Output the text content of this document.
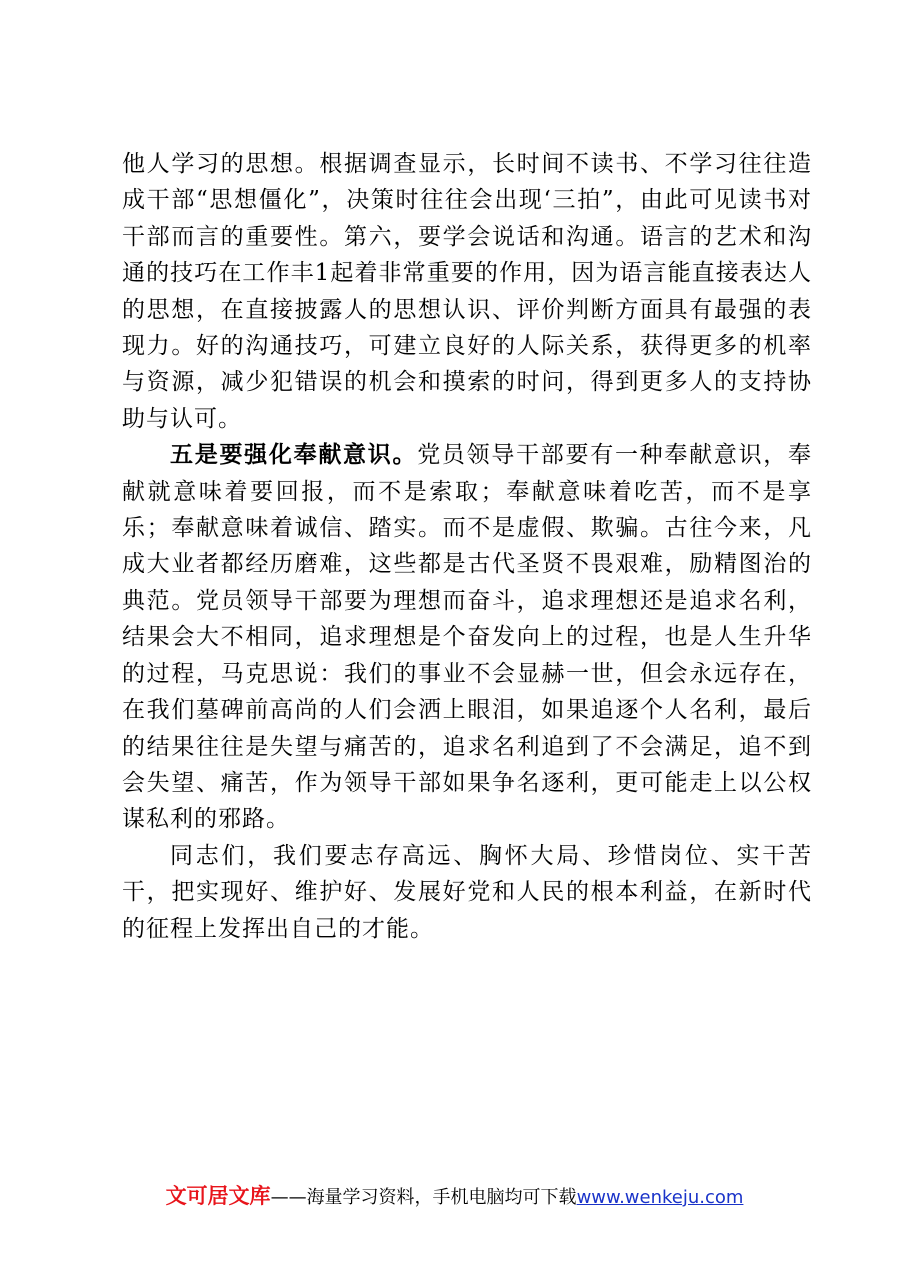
他人学习的思想。根据调查显示，长时间不读书、不学习往往造成干部“思想僵化”，决策时往往会出现‘三拍”，由此可见读书对干部而言的重要性。第六，要学会说话和沟通。语言的艺术和沟通的技巧在工作丰1起着非常重要的作用，因为语言能直接表达人的思想，在直接披露人的思想认识、评价判断方面具有最强的表现力。好的沟通技巧，可建立良好的人际关系，获得更多的机率与资源，减少犯错误的机会和摸索的时问，得到更多人的支持协助与认可。

五是要强化奉献意识。党员领导干部要有一种奉献意识，奉献就意味着要回报，而不是索取；奉献意味着吃苦，而不是享乐；奉献意味着诚信、踏实。而不是虚假、欺骗。古往今来，凡成大业者都经历磨难，这些都是古代圣贤不畏艰难，励精图治的典范。党员领导干部要为理想而奋斗，追求理想还是追求名利，结果会大不相同，追求理想是个奋发向上的过程，也是人生升华的过程，马克思说：我们的事业不会显赫一世，但会永远存在，在我们墓碑前高尚的人们会洒上眼泪，如果追逐个人名利，最后的结果往往是失望与痛苦的，追求名利追到了不会满足，追不到会失望、痛苦，作为领导干部如果争名逐利，更可能走上以公权谋私利的邪路。

同志们，我们要志存高远、胸怀大局、珍惜岗位、实干苦干，把实现好、维护好、发展好党和人民的根本利益，在新时代的征程上发挥出自己的才能。

文可居文库——海量学习资料，手机电脑均可下载www.wenkeju.com
